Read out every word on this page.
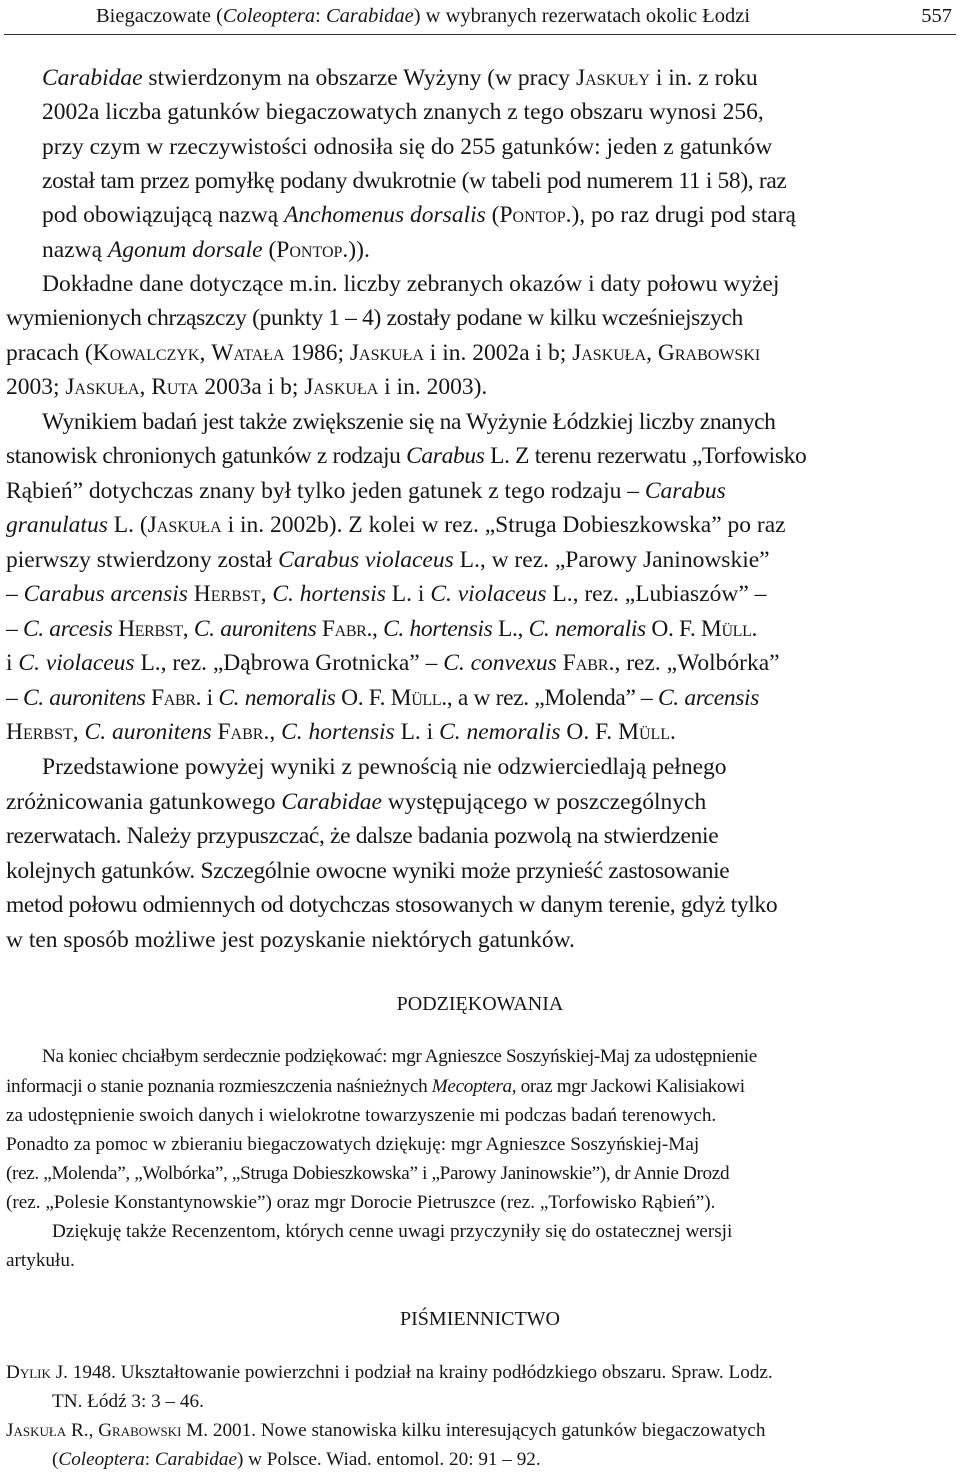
Biegaczowate (Coleoptera: Carabidae) w wybranych rezerwatach okolic Łodzi	557
Carabidae stwierdzonym na obszarze Wyżyny (w pracy Jaskuły i in. z roku
2002a liczba gatunków biegaczowatych znanych z tego obszaru wynosi 256,
przy czym w rzeczywistości odnosiła się do 255 gatunków: jeden z gatunków
został tam przez pomyłkę podany dwukrotnie (w tabeli pod numerem 11 i 58), raz
pod obowiązującą nazwą Anchomenus dorsalis (Pontop.), po raz drugi pod starą
nazwą Agonum dorsale (Pontop.)).
Dokładne dane dotyczące m.in. liczby zebranych okazów i daty połowu wyżej
wymienionych chrząszczy (punkty 1 – 4) zostały podane w kilku wcześniejszych
pracach (Kowalczyk, Watała 1986; Jaskuła i in. 2002a i b; Jaskuła, Grabowski
2003; Jaskuła, Ruta 2003a i b; Jaskuła i in. 2003).
Wynikiem badań jest także zwiększenie się na Wyżynie Łódzkiej liczby znanych
stanowisk chronionych gatunków z rodzaju Carabus L. Z terenu rezerwatu „Torfowisko
Rąbień” dotychczas znany był tylko jeden gatunek z tego rodzaju – Carabus
granulatus L. (Jaskuła i in. 2002b). Z kolei w rez. „Struga Dobieszkowska” po raz
pierwszy stwierdzony został Carabus violaceus L., w rez. „Parowy Janinowskie”
– Carabus arcensis Herbst, C. hortensis L. i C. violaceus L., rez. „Lubiaszów” –
– C. arcesis Herbst, C. auronitens Fabr., C. hortensis L., C. nemoralis O. F. Müll.
i C. violaceus L., rez. „Dąbrowa Grotnicka” – C. convexus Fabr., rez. „Wolbórka”
– C. auronitens Fabr. i C. nemoralis O. F. Müll., a w rez. „Molenda” – C. arcensis
Herbst, C. auronitens Fabr., C. hortensis L. i C. nemoralis O. F. Müll.
Przedstawione powyżej wyniki z pewnością nie odzwierciedlają pełnego
zróżnicowania gatunkowego Carabidae występującego w poszczególnych
rezerwatach. Należy przypuszczać, że dalsze badania pozwolą na stwierdzenie
kolejnych gatunków. Szczególnie owocne wyniki może przynieść zastosowanie
metod połowu odmiennych od dotychczas stosowanych w danym terenie, gdyż tylko
w ten sposób możliwe jest pozyskanie niektórych gatunków.
PODZIĘKOWANIA
Na koniec chciałbym serdecznie podziękować: mgr Agnieszce Soszyńskiej-Maj za udostępnienie
informacji o stanie poznania rozmieszczenia naśnieżnych Mecoptera, oraz mgr Jackowi Kalisiakowi
za udostępnienie swoich danych i wielokrotne towarzyszenie mi podczas badań terenowych.
Ponadto za pomoc w zbieraniu biegaczowatych dziękuję: mgr Agnieszce Soszyńskiej-Maj
(rez. „Molenda”, „Wolbórka”, „Struga Dobieszkowska” i „Parowy Janinowskie”), dr Annie Drozd
(rez. „Polesie Konstantynowskie”) oraz mgr Dorocie Pietruszce (rez. „Torfowisko Rąbień”).
Dziękuję także Recenzentom, których cenne uwagi przyczyniły się do ostatecznej wersji
artykułu.
PIŚMIENNICTWO
Dylik J. 1948. Ukształtowanie powierzchni i podział na krainy podłódzkiego obszaru. Spraw. Lodz.
TN. Łódź 3: 3 – 46.
Jaskuła R., Grabowski M. 2001. Nowe stanowiska kilku interesujących gatunków biegaczowatych
(Coleoptera: Carabidae) w Polsce. Wiad. entomol. 20: 91 – 92.
